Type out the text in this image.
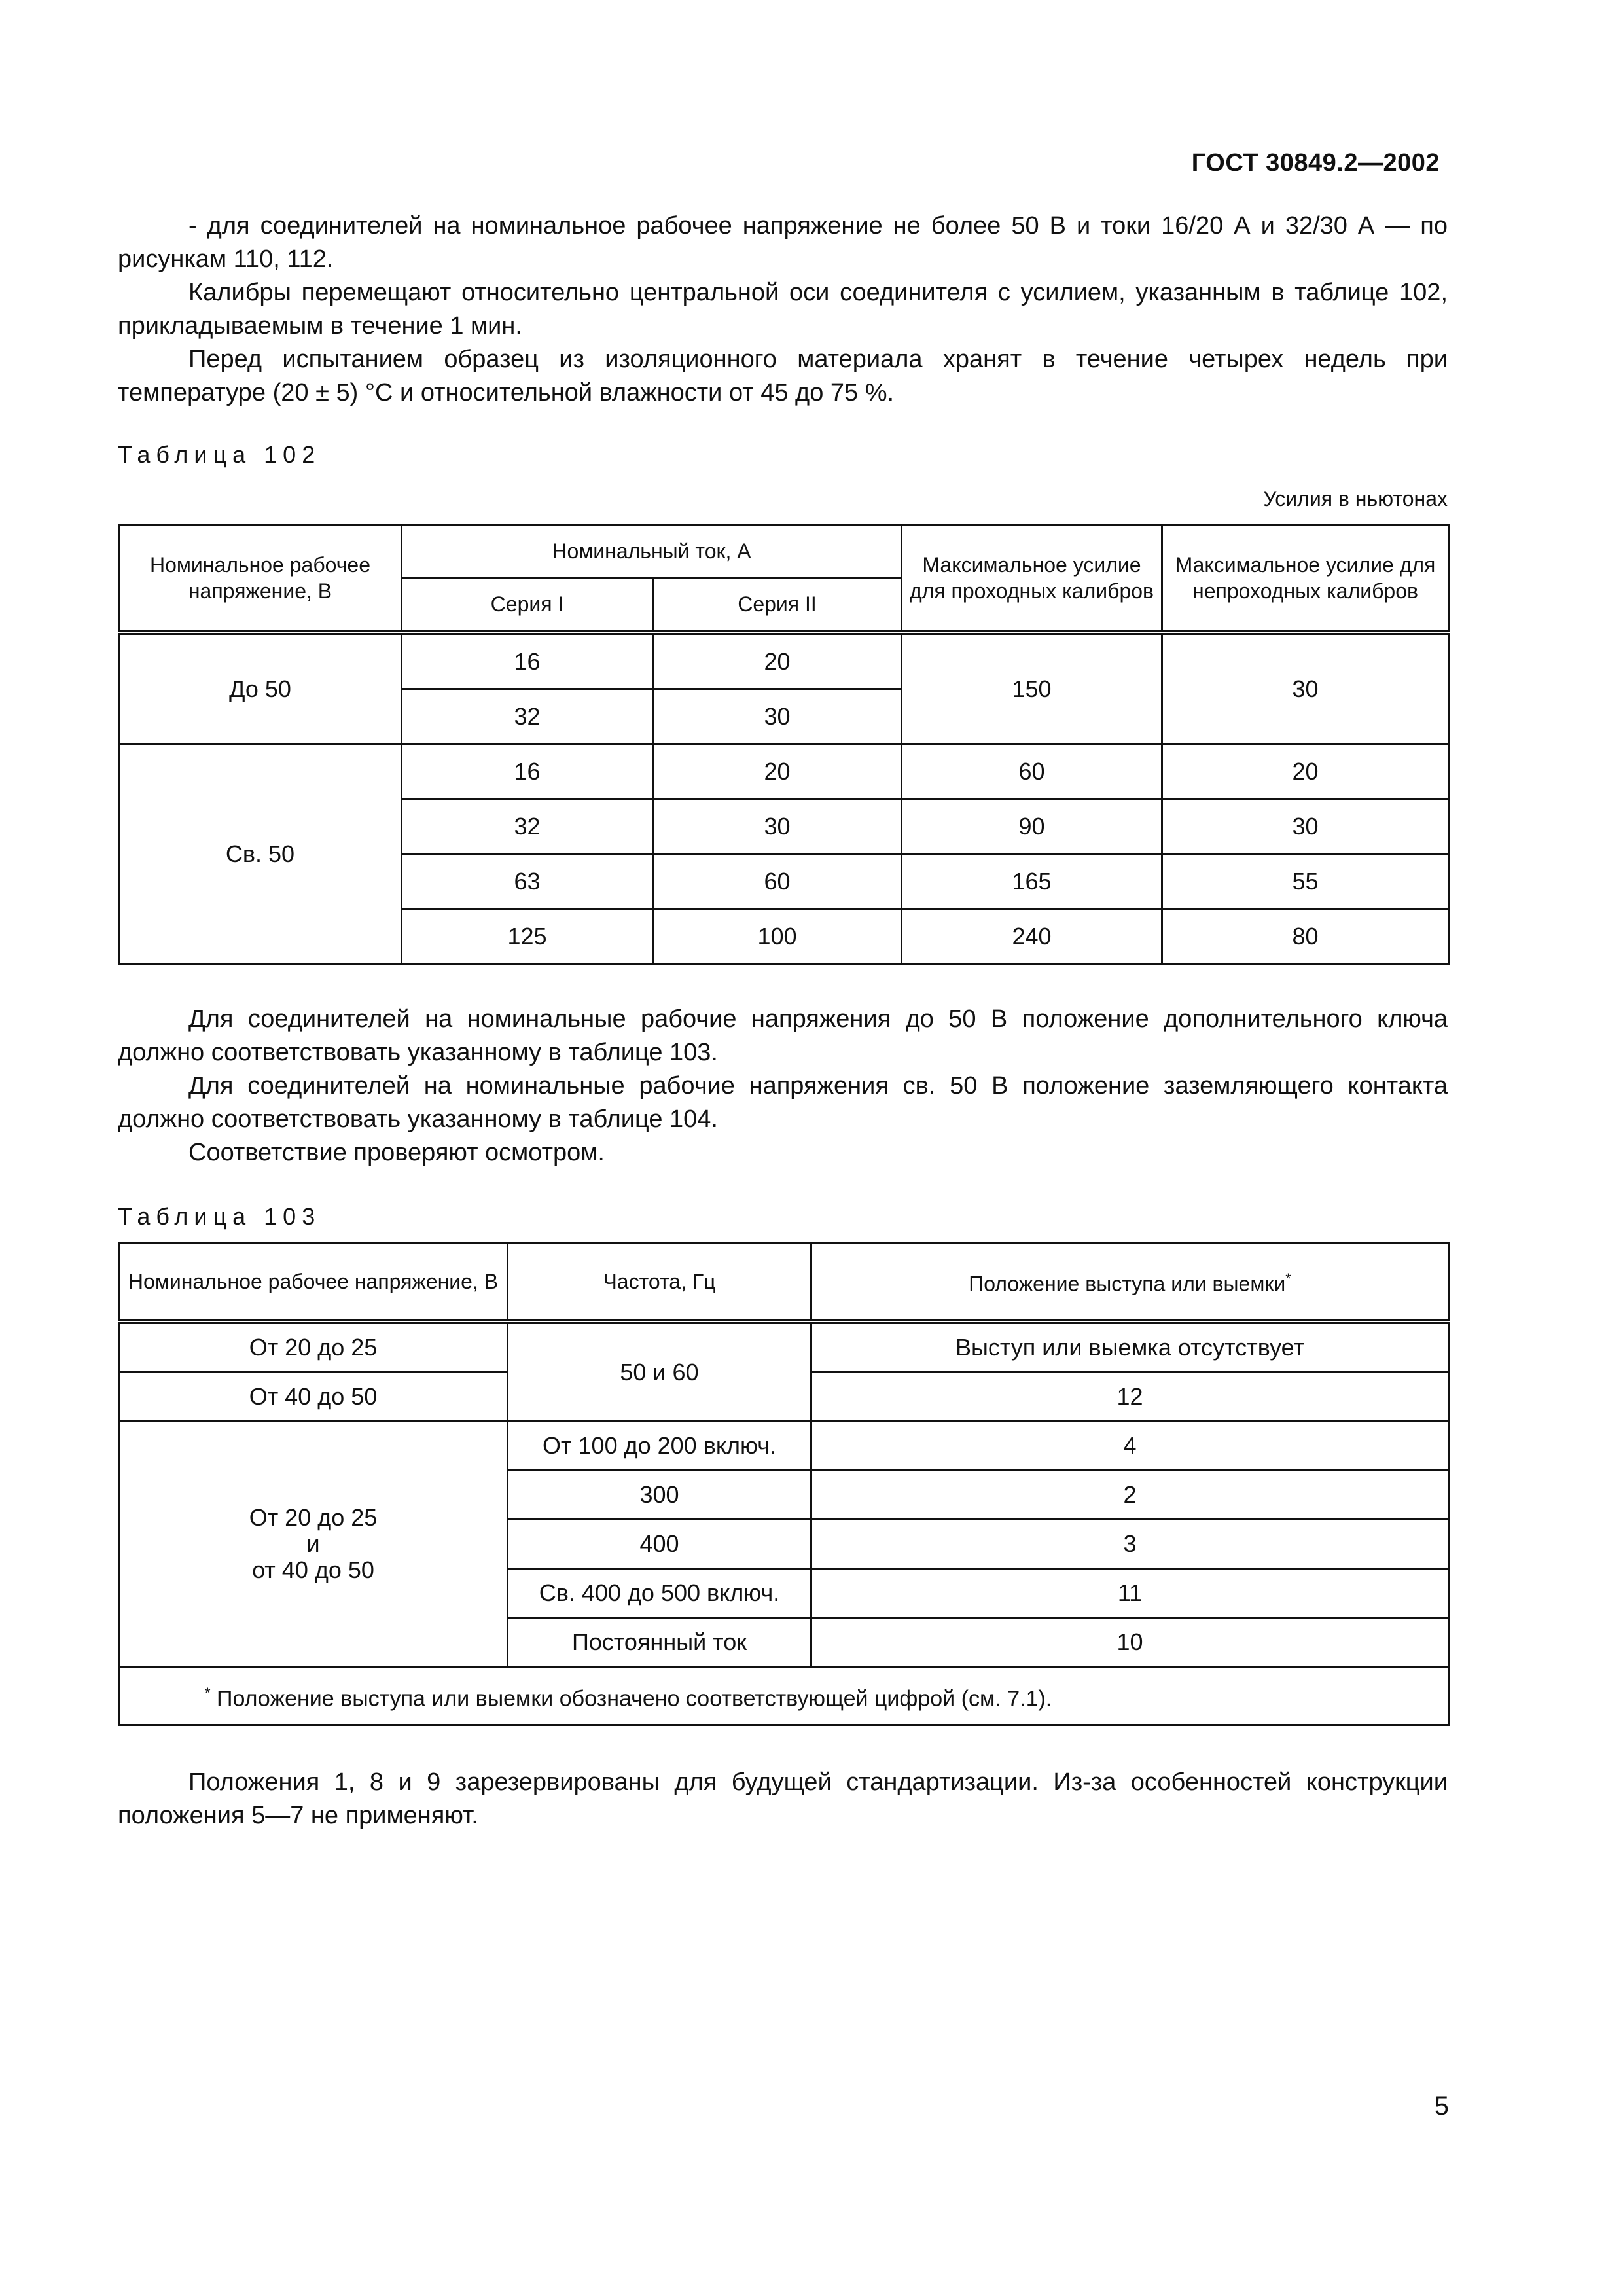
ГОСТ 30849.2—2002

- для соединителей на номинальное рабочее напряжение не более 50 В и токи 16/20 А и 32/30 А — по рисункам 110, 112.

Калибры перемещают относительно центральной оси соединителя с усилием, указанным в таблице 102, прикладываемым в течение 1 мин.

Перед испытанием образец из изоляционного материала хранят в течение четырех недель при температуре (20 ± 5) °С и относительной влажности от 45 до 75 %.

Таблица 102
Усилия в ньютонах
Номинальное рабочее напряжение, В	Номинальный ток, А		Максимальное усилие для проходных калибров	Максимальное усилие для непроходных калибров
	Серия I	Серия II		
До 50	16	20	150	30
	32	30		
Св. 50	16	20	60	20
	32	30	90	30
	63	60	165	55
	125	100	240	80

Для соединителей на номинальные рабочие напряжения до 50 В положение дополнительного ключа должно соответствовать указанному в таблице 103.

Для соединителей на номинальные рабочие напряжения св. 50 В положение заземляющего контакта должно соответствовать указанному в таблице 104.

Соответствие проверяют осмотром.

Таблица 103
Номинальное рабочее напряжение, В	Частота, Гц	Положение выступа или выемки*
От 20 до 25	50 и 60	Выступ или выемка отсутствует
От 40 до 50		12

От 20 до 25
и
от 40 до 50	От 100 до 200 включ.	4
	300	2
	400	3
	Св. 400 до 500 включ.	11
	Постоянный ток	10
* Положение выступа или выемки обозначено соответствующей цифрой (см. 7.1).		

Положения 1, 8 и 9 зарезервированы для будущей стандартизации. Из-за особенностей конструкции положения 5—7 не применяют.

5
